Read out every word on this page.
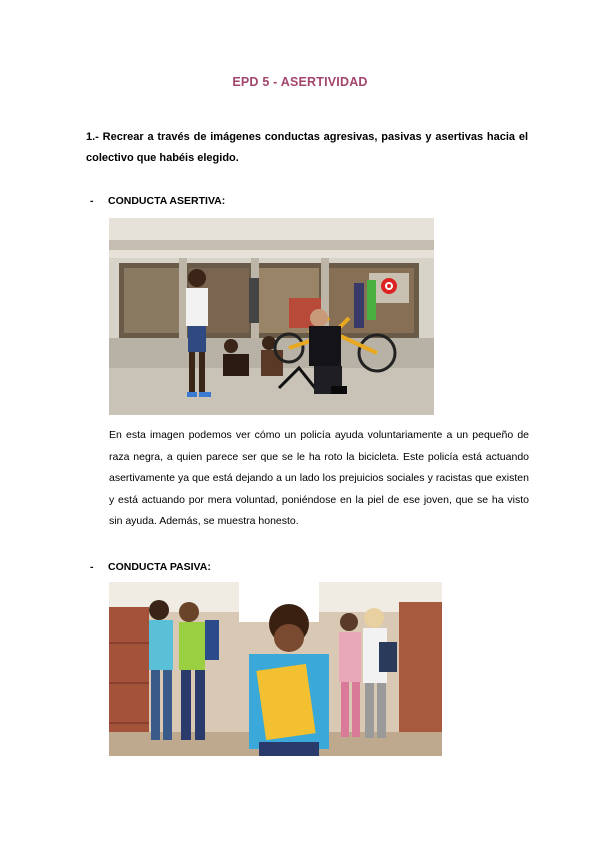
EPD 5 - ASERTIVIDAD
1.- Recrear a través de imágenes conductas agresivas, pasivas y asertivas hacia el colectivo que habéis elegido.
- CONDUCTA ASERTIVA:
En esta imagen podemos ver cómo un policía ayuda voluntariamente a un pequeño de raza negra, a quien parece ser que se le ha roto la bicicleta. Este policía está actuando asertivamente ya que está dejando a un lado los prejuicios sociales y racistas que existen y está actuando por mera voluntad, poniéndose en la piel de ese joven, que se ha visto sin ayuda. Además, se muestra honesto.
- CONDUCTA PASIVA:
